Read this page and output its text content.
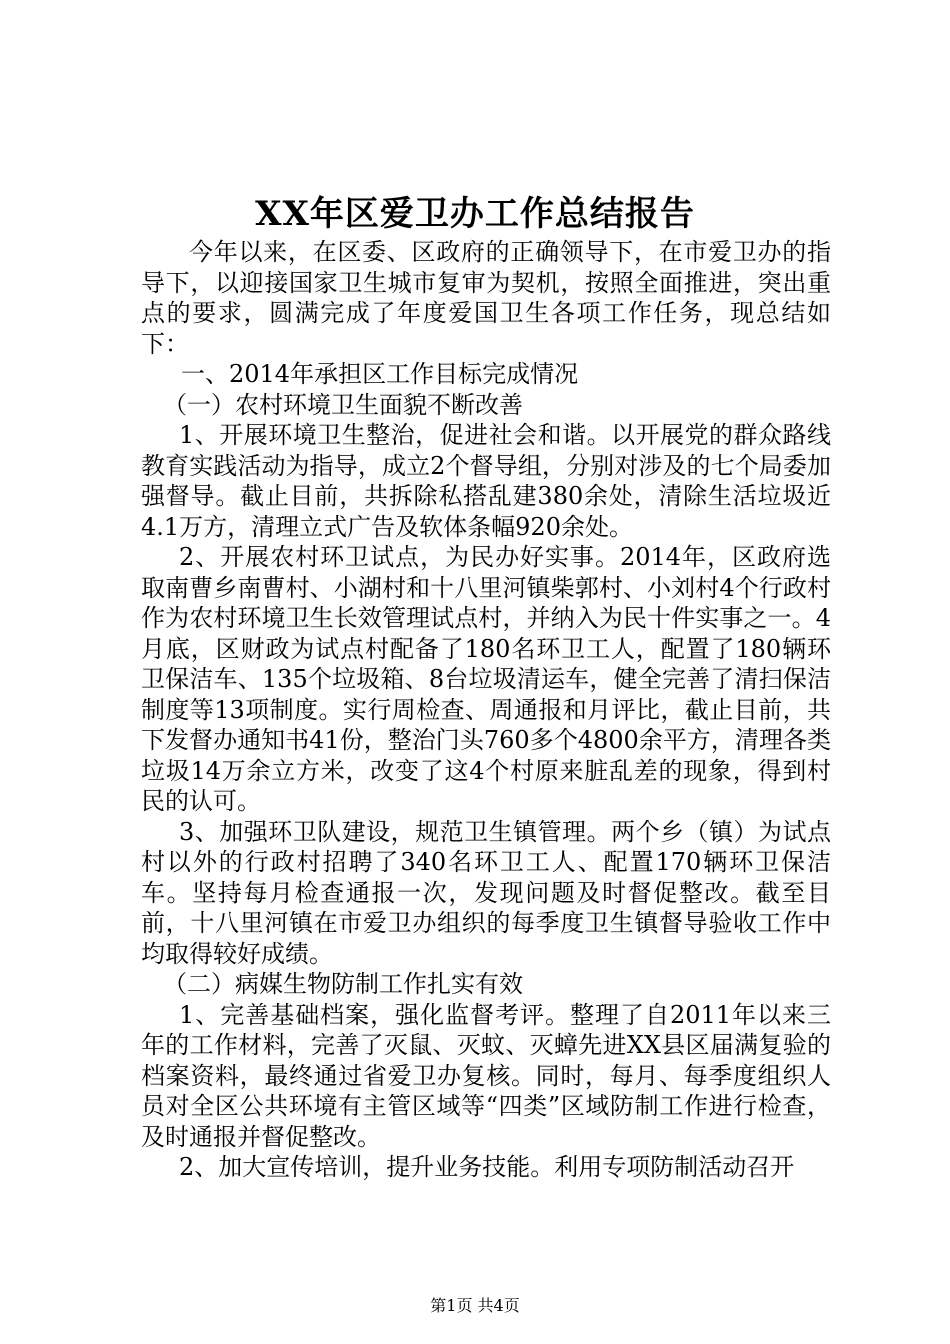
XX年区爱卫办工作总结报告

今年以来，在区委、区政府的正确领导下，在市爱卫办的指导下，以迎接国家卫生城市复审为契机，按照全面推进，突出重点的要求，圆满完成了年度爱国卫生各项工作任务，现总结如下：

一、2014年承担区工作目标完成情况

（一）农村环境卫生面貌不断改善

1、开展环境卫生整治，促进社会和谐。以开展党的群众路线教育实践活动为指导，成立2个督导组，分别对涉及的七个局委加强督导。截止目前，共拆除私搭乱建380余处，清除生活垃圾近4.1万方，清理立式广告及软体条幅920余处。

2、开展农村环卫试点，为民办好实事。2014年，区政府选取南曹乡南曹村、小湖村和十八里河镇柴郭村、小刘村4个行政村作为农村环境卫生长效管理试点村，并纳入为民十件实事之一。4月底，区财政为试点村配备了180名环卫工人，配置了180辆环卫保洁车、135个垃圾箱、8台垃圾清运车，健全完善了清扫保洁制度等13项制度。实行周检查、周通报和月评比，截止目前，共下发督办通知书41份，整治门头760多个4800余平方，清理各类垃圾14万余立方米，改变了这4个村原来脏乱差的现象，得到村民的认可。

3、加强环卫队建设，规范卫生镇管理。两个乡（镇）为试点村以外的行政村招聘了340名环卫工人、配置170辆环卫保洁车。坚持每月检查通报一次，发现问题及时督促整改。截至目前，十八里河镇在市爱卫办组织的每季度卫生镇督导验收工作中均取得较好成绩。

（二）病媒生物防制工作扎实有效

1、完善基础档案，强化监督考评。整理了自2011年以来三年的工作材料，完善了灭鼠、灭蚊、灭蟑先进XX县区届满复验的档案资料，最终通过省爱卫办复核。同时，每月、每季度组织人员对全区公共环境有主管区域等“四类”区域防制工作进行检查，及时通报并督促整改。

2、加大宣传培训，提升业务技能。利用专项防制活动召开

第1页 共4页
